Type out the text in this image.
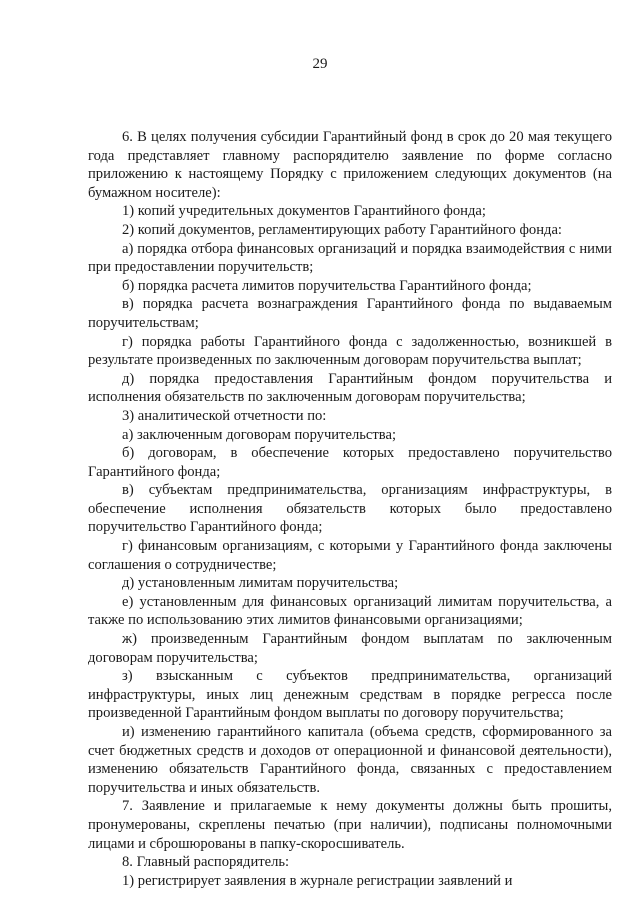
29

6. В целях получения субсидии Гарантийный фонд в срок до 20 мая текущего года представляет главному распорядителю заявление по форме согласно приложению к настоящему Порядку с приложением следующих документов (на бумажном носителе):

1) копий учредительных документов Гарантийного фонда;

2) копий документов, регламентирующих работу Гарантийного фонда:

а) порядка отбора финансовых организаций и порядка взаимодействия с ними при предоставлении поручительств;

б) порядка расчета лимитов поручительства Гарантийного фонда;

в) порядка расчета вознаграждения Гарантийного фонда по выдаваемым поручительствам;

г) порядка работы Гарантийного фонда с задолженностью, возникшей в результате произведенных по заключенным договорам поручительства выплат;

д) порядка предоставления Гарантийным фондом поручительства и исполнения обязательств по заключенным договорам поручительства;

3) аналитической отчетности по:

а) заключенным договорам поручительства;

б) договорам, в обеспечение которых предоставлено поручительство Гарантийного фонда;

в) субъектам предпринимательства, организациям инфраструктуры, в обеспечение исполнения обязательств которых было предоставлено поручительство Гарантийного фонда;

г) финансовым организациям, с которыми у Гарантийного фонда заключены соглашения о сотрудничестве;

д) установленным лимитам поручительства;

е) установленным для финансовых организаций лимитам поручительства, а также по использованию этих лимитов финансовыми организациями;

ж) произведенным Гарантийным фондом выплатам по заключенным договорам поручительства;

з) взысканным с субъектов предпринимательства, организаций инфраструктуры, иных лиц денежным средствам в порядке регресса после произведенной Гарантийным фондом выплаты по договору поручительства;

и) изменению гарантийного капитала (объема средств, сформированного за счет бюджетных средств и доходов от операционной и финансовой деятельности), изменению обязательств Гарантийного фонда, связанных с предоставлением поручительства и иных обязательств.

7. Заявление и прилагаемые к нему документы должны быть прошиты, пронумерованы, скреплены печатью (при наличии), подписаны полномочными лицами и сброшюрованы в папку-скоросшиватель.

8. Главный распорядитель:

1) регистрирует заявления в журнале регистрации заявлений и
